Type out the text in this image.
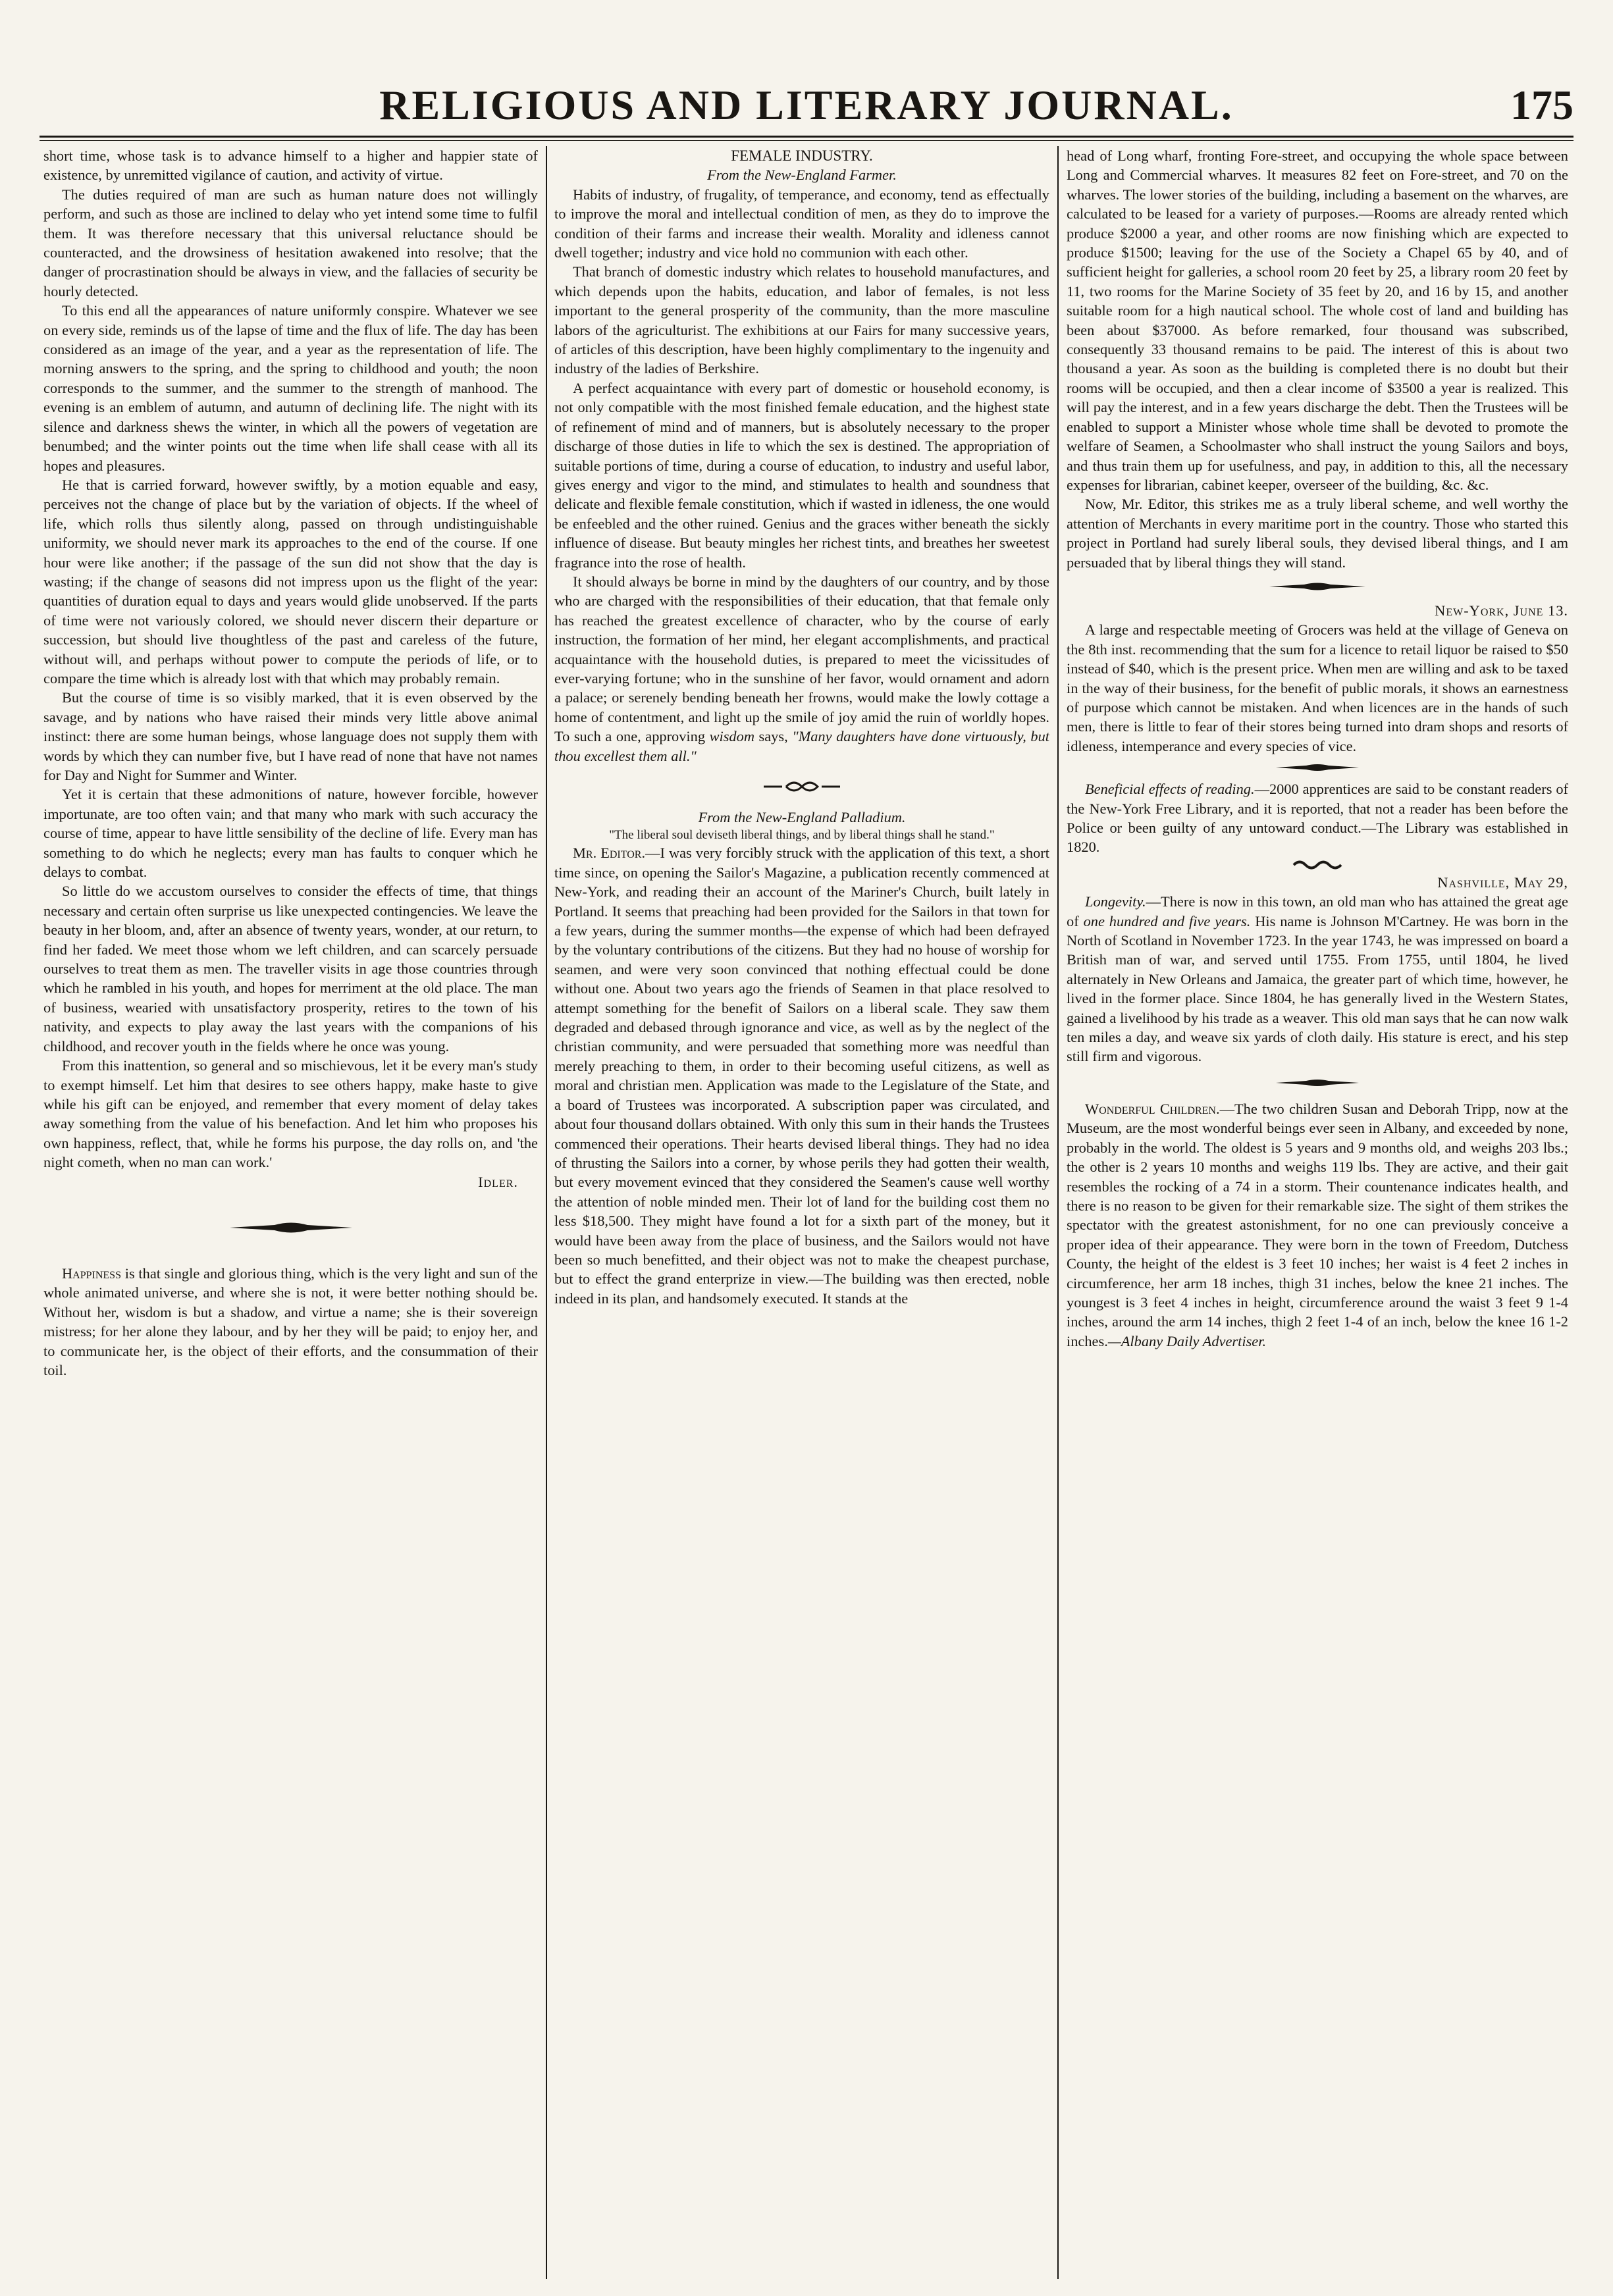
RELIGIOUS AND LITERARY JOURNAL.	175

short time, whose task is to advance himself to a higher and happier state of existence, by unremitted vigilance of caution, and activity of virtue.

The duties required of man are such as human nature does not willingly perform, and such as those are inclined to delay who yet intend some time to fulfil them. It was therefore necessary that this universal reluctance should be counteracted, and the drowsiness of hesitation awakened into resolve; that the danger of procrastination should be always in view, and the fallacies of security be hourly detected.

To this end all the appearances of nature uniformly conspire. Whatever we see on every side, reminds us of the lapse of time and the flux of life. The day has been considered as an image of the year, and a year as the representation of life. The morning answers to the spring, and the spring to childhood and youth; the noon corresponds to the summer, and the summer to the strength of manhood. The evening is an emblem of autumn, and autumn of declining life. The night with its silence and darkness shews the winter, in which all the powers of vegetation are benumbed; and the winter points out the time when life shall cease with all its hopes and pleasures.

He that is carried forward, however swiftly, by a motion equable and easy, perceives not the change of place but by the variation of objects. If the wheel of life, which rolls thus silently along, passed on through undistinguishable uniformity, we should never mark its approaches to the end of the course. If one hour were like another; if the passage of the sun did not show that the day is wasting; if the change of seasons did not impress upon us the flight of the year: quantities of duration equal to days and years would glide unobserved. If the parts of time were not variously colored, we should never discern their departure or succession, but should live thoughtless of the past and careless of the future, without will, and perhaps without power to compute the periods of life, or to compare the time which is already lost with that which may probably remain.

But the course of time is so visibly marked, that it is even observed by the savage, and by nations who have raised their minds very little above animal instinct: there are some human beings, whose language does not supply them with words by which they can number five, but I have read of none that have not names for Day and Night for Summer and Winter.

Yet it is certain that these admonitions of nature, however forcible, however importunate, are too often vain; and that many who mark with such accuracy the course of time, appear to have little sensibility of the decline of life. Every man has something to do which he neglects; every man has faults to conquer which he delays to combat.

So little do we accustom ourselves to consider the effects of time, that things necessary and certain often surprise us like unexpected contingencies. We leave the beauty in her bloom, and, after an absence of twenty years, wonder, at our return, to find her faded. We meet those whom we left children, and can scarcely persuade ourselves to treat them as men. The traveller visits in age those countries through which he rambled in his youth, and hopes for merriment at the old place. The man of business, wearied with unsatisfactory prosperity, retires to the town of his nativity, and expects to play away the last years with the companions of his childhood, and recover youth in the fields where he once was young.

From this inattention, so general and so mischievous, let it be every man's study to exempt himself. Let him that desires to see others happy, make haste to give while his gift can be enjoyed, and remember that every moment of delay takes away something from the value of his benefaction. And let him who proposes his own happiness, reflect, that, while he forms his purpose, the day rolls on, and 'the night cometh, when no man can work.'

Idler.

Happiness is that single and glorious thing, which is the very light and sun of the whole animated universe, and where she is not, it were better nothing should be. Without her, wisdom is but a shadow, and virtue a name; she is their sovereign mistress; for her alone they labour, and by her they will be paid; to enjoy her, and to communicate her, is the object of their efforts, and the consummation of their toil.

FEMALE INDUSTRY.

From the New-England Farmer.

Habits of industry, of frugality, of temperance, and economy, tend as effectually to improve the moral and intellectual condition of men, as they do to improve the condition of their farms and increase their wealth. Morality and idleness cannot dwell together; industry and vice hold no communion with each other.

That branch of domestic industry which relates to household manufactures, and which depends upon the habits, education, and labor of females, is not less important to the general prosperity of the community, than the more masculine labors of the agriculturist. The exhibitions at our Fairs for many successive years, of articles of this description, have been highly complimentary to the ingenuity and industry of the ladies of Berkshire.

A perfect acquaintance with every part of domestic or household economy, is not only compatible with the most finished female education, and the highest state of refinement of mind and of manners, but is absolutely necessary to the proper discharge of those duties in life to which the sex is destined. The appropriation of suitable portions of time, during a course of education, to industry and useful labor, gives energy and vigor to the mind, and stimulates to health and soundness that delicate and flexible female constitution, which if wasted in idleness, the one would be enfeebled and the other ruined. Genius and the graces wither beneath the sickly influence of disease. But beauty mingles her richest tints, and breathes her sweetest fragrance into the rose of health.

It should always be borne in mind by the daughters of our country, and by those who are charged with the responsibilities of their education, that that female only has reached the greatest excellence of character, who by the course of early instruction, the formation of her mind, her elegant accomplishments, and practical acquaintance with the household duties, is prepared to meet the vicissitudes of ever-varying fortune; who in the sunshine of her favor, would ornament and adorn a palace; or serenely bending beneath her frowns, would make the lowly cottage a home of contentment, and light up the smile of joy amid the ruin of worldly hopes. To such a one, approving wisdom says, "Many daughters have done virtuously, but thou excellest them all."

From the New-England Palladium.

"The liberal soul deviseth liberal things, and by liberal things shall he stand."

Mr. Editor.—I was very forcibly struck with the application of this text, a short time since, on opening the Sailor's Magazine, a publication recently commenced at New-York, and reading their an account of the Mariner's Church, built lately in Portland. It seems that preaching had been provided for the Sailors in that town for a few years, during the summer months—the expense of which had been defrayed by the voluntary contributions of the citizens. But they had no house of worship for seamen, and were very soon convinced that nothing effectual could be done without one. About two years ago the friends of Seamen in that place resolved to attempt something for the benefit of Sailors on a liberal scale. They saw them degraded and debased through ignorance and vice, as well as by the neglect of the christian community, and were persuaded that something more was needful than merely preaching to them, in order to their becoming useful citizens, as well as moral and christian men. Application was made to the Legislature of the State, and a board of Trustees was incorporated. A subscription paper was circulated, and about four thousand dollars obtained. With only this sum in their hands the Trustees commenced their operations. Their hearts devised liberal things. They had no idea of thrusting the Sailors into a corner, by whose perils they had gotten their wealth, but every movement evinced that they considered the Seamen's cause well worthy the attention of noble minded men. Their lot of land for the building cost them no less $18,500. They might have found a lot for a sixth part of the money, but it would have been away from the place of business, and the Sailors would not have been so much benefitted, and their object was not to make the cheapest purchase, but to effect the grand enterprize in view.—The building was then erected, noble indeed in its plan, and handsomely executed. It stands at the

head of Long wharf, fronting Fore-street, and occupying the whole space between Long and Commercial wharves. It measures 82 feet on Fore-street, and 70 on the wharves. The lower stories of the building, including a basement on the wharves, are calculated to be leased for a variety of purposes.—Rooms are already rented which produce $2000 a year, and other rooms are now finishing which are expected to produce $1500; leaving for the use of the Society a Chapel 65 by 40, and of sufficient height for galleries, a school room 20 feet by 25, a library room 20 feet by 11, two rooms for the Marine Society of 35 feet by 20, and 16 by 15, and another suitable room for a high nautical school. The whole cost of land and building has been about $37000. As before remarked, four thousand was subscribed, consequently 33 thousand remains to be paid. The interest of this is about two thousand a year. As soon as the building is completed there is no doubt but their rooms will be occupied, and then a clear income of $3500 a year is realized. This will pay the interest, and in a few years discharge the debt. Then the Trustees will be enabled to support a Minister whose whole time shall be devoted to promote the welfare of Seamen, a Schoolmaster who shall instruct the young Sailors and boys, and thus train them up for usefulness, and pay, in addition to this, all the necessary expenses for librarian, cabinet keeper, overseer of the building, &c. &c.

Now, Mr. Editor, this strikes me as a truly liberal scheme, and well worthy the attention of Merchants in every maritime port in the country. Those who started this project in Portland had surely liberal souls, they devised liberal things, and I am persuaded that by liberal things they will stand.

New-York, June 13.

A large and respectable meeting of Grocers was held at the village of Geneva on the 8th inst. recommending that the sum for a licence to retail liquor be raised to $50 instead of $40, which is the present price. When men are willing and ask to be taxed in the way of their business, for the benefit of public morals, it shows an earnestness of purpose which cannot be mistaken. And when licences are in the hands of such men, there is little to fear of their stores being turned into dram shops and resorts of idleness, intemperance and every species of vice.

Beneficial effects of reading.—2000 apprentices are said to be constant readers of the New-York Free Library, and it is reported, that not a reader has been before the Police or been guilty of any untoward conduct.—The Library was established in 1820.

Nashville, May 29,

Longevity.—There is now in this town, an old man who has attained the great age of one hundred and five years. His name is Johnson M'Cartney. He was born in the North of Scotland in November 1723. In the year 1743, he was impressed on board a British man of war, and served until 1755. From 1755, until 1804, he lived alternately in New Orleans and Jamaica, the greater part of which time, however, he lived in the former place. Since 1804, he has generally lived in the Western States, gained a livelihood by his trade as a weaver. This old man says that he can now walk ten miles a day, and weave six yards of cloth daily. His stature is erect, and his step still firm and vigorous.

Wonderful Children.—The two children Susan and Deborah Tripp, now at the Museum, are the most wonderful beings ever seen in Albany, and exceeded by none, probably in the world. The oldest is 5 years and 9 months old, and weighs 203 lbs.; the other is 2 years 10 months and weighs 119 lbs. They are active, and their gait resembles the rocking of a 74 in a storm. Their countenance indicates health, and there is no reason to be given for their remarkable size. The sight of them strikes the spectator with the greatest astonishment, for no one can previously conceive a proper idea of their appearance. They were born in the town of Freedom, Dutchess County, the height of the eldest is 3 feet 10 inches; her waist is 4 feet 2 inches in circumference, her arm 18 inches, thigh 31 inches, below the knee 21 inches. The youngest is 3 feet 4 inches in height, circumference around the waist 3 feet 9 1-4 inches, around the arm 14 inches, thigh 2 feet 1-4 of an inch, below the knee 16 1-2 inches.—Albany Daily Advertiser.
